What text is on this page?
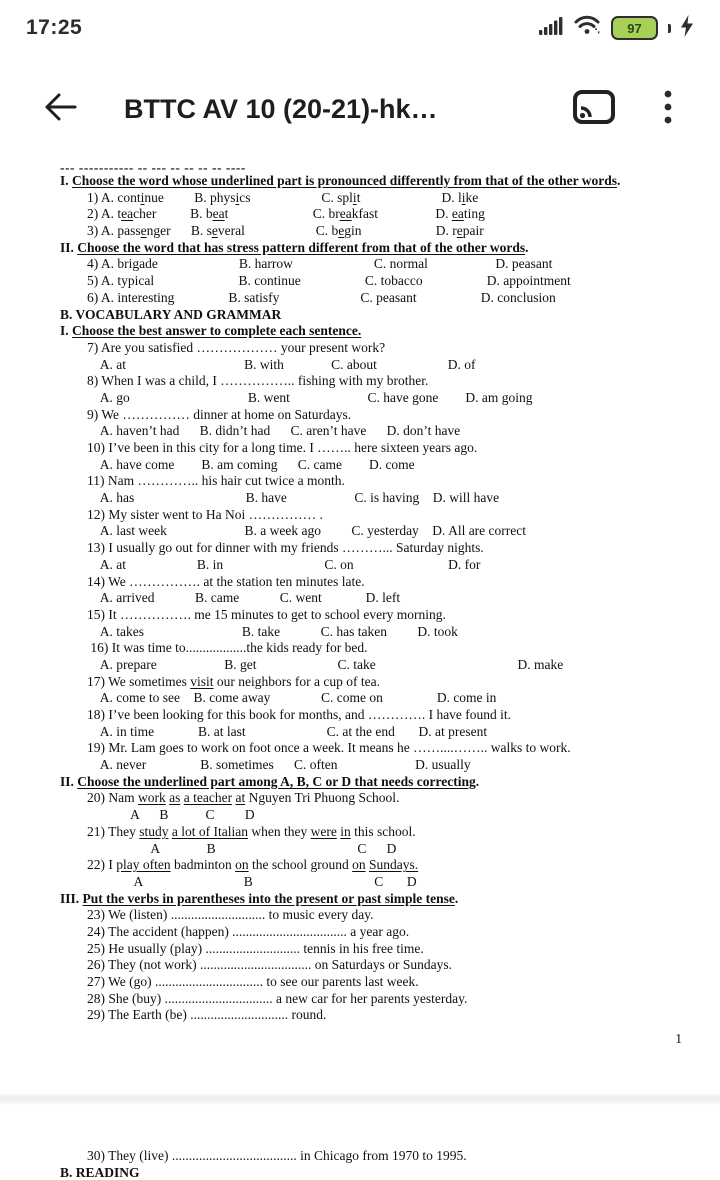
17:25	97
BTTC AV 10 (20-21)-hk…
--- ----------- -- --- -- -- -- -- ----
I. Choose the word whose underlined part is pronounced differently from that of the other words.
1) A. continue         B. physics                     C. split                        D. like
2) A. teacher          B. beat                         C. breakfast                 D. eating
3) A. passenger      B. several                     C. begin                      D. repair
II. Choose the word that has stress pattern different from that of the other words.
4) A. brigade                        B. harrow                        C. normal                    D. peasant
5) A. typical                         B. continue                   C. tobacco                   D. appointment
6) A. interesting                B. satisfy                        C. peasant                   D. conclusion
B. VOCABULARY AND GRAMMAR
I. Choose the best answer to complete each sentence.
7) Are you satisfied ……………… your present work?
A. at                                   B. with              C. about                     D. of
8) When I was a child, I …………….. fishing with my brother.
A. go                                   B. went                       C. have gone        D. am going
9) We …………… dinner at home on Saturdays.
A. haven’t had      B. didn’t had      C. aren’t have      D. don’t have
10) I’ve been in this city for a long time. I …….. here sixteen years ago.
A. have come        B. am coming      C. came        D. come
11) Nam ………….. his hair cut twice a month.
A. has                                 B. have                    C. is having    D. will have
12) My sister went to Ha Noi …………… .
A. last week                       B. a week ago         C. yesterday    D. All are correct
13) I usually go out for dinner with my friends ………... Saturday nights.
A. at                     B. in                              C. on                            D. for
14) We ……………. at the station ten minutes late.
A. arrived            B. came            C. went             D. left
15) It ……………. me 15 minutes to get to school every morning.
A. takes                             B. take            C. has taken         D. took
16) It was time to..................the kids ready for bed.
A. prepare                    B. get                        C. take                                          D. make
17) We sometimes visit our neighbors for a cup of tea.
A. come to see    B. come away               C. come on                D. come in
18) I’ve been looking for this book for months, and …………. I have found it.
A. in time             B. at last                        C. at the end       D. at present
19) Mr. Lam goes to work on foot once a week. It means he ……....…….. walks to work.
A. never                B. sometimes      C. often                       D. usually
II. Choose the underlined part among A, B, C or D that needs correcting.
20) Nam work as a teacher at Nguyen Tri Phuong School.
A      B           C         D
21) They study a lot of Italian when they were in this school.
A              B                                          C      D
22) I play often badminton on the school ground on Sundays.
A                              B                                    C       D
III. Put the verbs in parentheses into the present or past simple tense.
23) We (listen) ............................ to music every day.
24) The accident (happen) .................................. a year ago.
25) He usually (play) ............................ tennis in his free time.
26) They (not work) ................................. on Saturdays or Sundays.
27) We (go) ................................ to see our parents last week.
28) She (buy) ................................ a new car for her parents yesterday.
29) The Earth (be) ............................. round.
1
30) They (live) ..................................... in Chicago from 1970 to 1995.
B. READING
